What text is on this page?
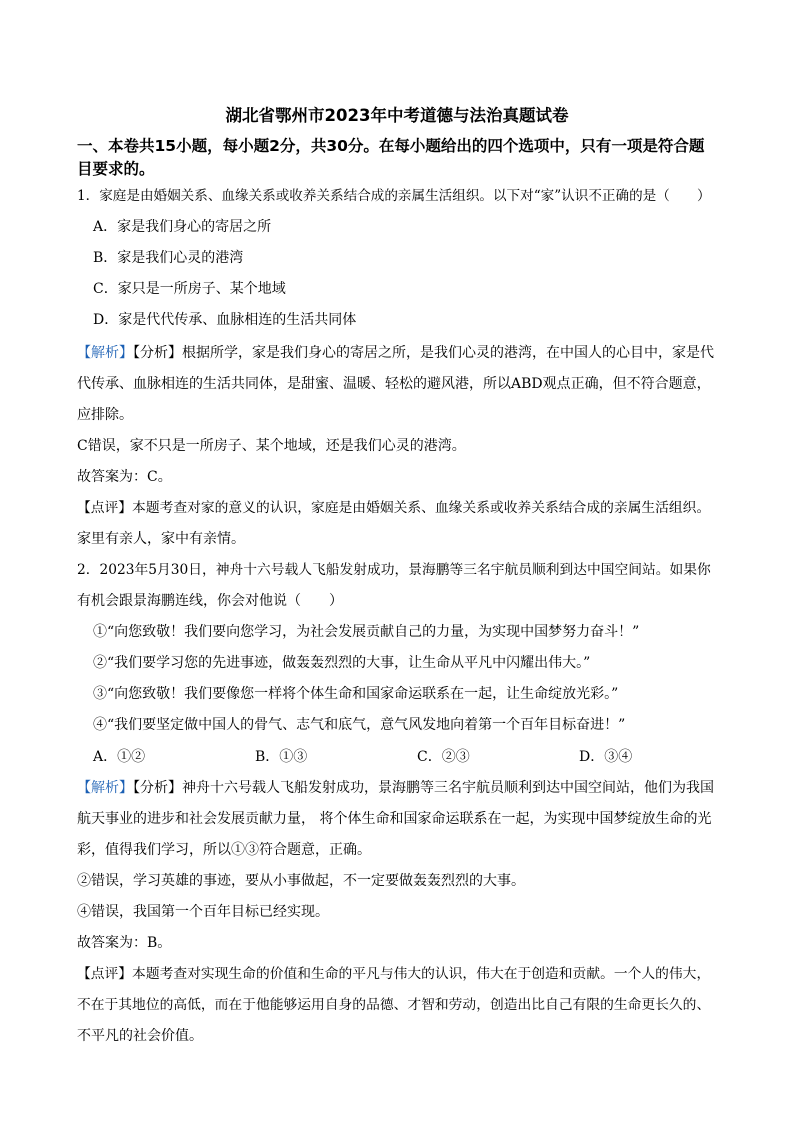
湖北省鄂州市2023年中考道德与法治真题试卷
一、本卷共15小题，每小题2分，共30分。在每小题给出的四个选项中，只有一项是符合题目要求的。
1．家庭是由婚姻关系、血缘关系或收养关系结合成的亲属生活组织。以下对“家”认识不正确的是（　　）
A．家是我们身心的寄居之所
B．家是我们心灵的港湾
C．家只是一所房子、某个地域
D．家是代代传承、血脉相连的生活共同体
【解析】【分析】根据所学，家是我们身心的寄居之所，是我们心灵的港湾，在中国人的心目中，家是代
代传承、血脉相连的生活共同体，是甜蜜、温暖、轻松的避风港，所以ABD观点正确，但不符合题意，
应排除。
C错误，家不只是一所房子、某个地域，还是我们心灵的港湾。
故答案为：C。
【点评】本题考查对家的意义的认识，家庭是由婚姻关系、血缘关系或收养关系结合成的亲属生活组织。
家里有亲人，家中有亲情。
2．2023年5月30日，神舟十六号载人飞船发射成功，景海鹏等三名宇航员顺利到达中国空间站。如果你
有机会跟景海鹏连线，你会对他说（　　）
①“向您致敬！我们要向您学习，为社会发展贡献自己的力量，为实现中国梦努力奋斗！”
②“我们要学习您的先进事迹，做轰轰烈烈的大事，让生命从平凡中闪耀出伟大。”
③“向您致敬！我们要像您一样将个体生命和国家命运联系在一起，让生命绽放光彩。”
④“我们要坚定做中国人的骨气、志气和底气，意气风发地向着第一个百年目标奋进！”
A．①②	B．①③	C．②③	D．③④
【解析】【分析】神舟十六号载人飞船发射成功，景海鹏等三名宇航员顺利到达中国空间站，他们为我国
航天事业的进步和社会发展贡献力量， 将个体生命和国家命运联系在一起，为实现中国梦绽放生命的光
彩，值得我们学习，所以①③符合题意，正确。
②错误，学习英雄的事迹，要从小事做起，不一定要做轰轰烈烈的大事。
④错误，我国第一个百年目标已经实现。
故答案为：B。
【点评】本题考查对实现生命的价值和生命的平凡与伟大的认识，伟大在于创造和贡献。一个人的伟大，
不在于其地位的高低，而在于他能够运用自身的品德、才智和劳动，创造出比自己有限的生命更长久的、
不平凡的社会价值。
